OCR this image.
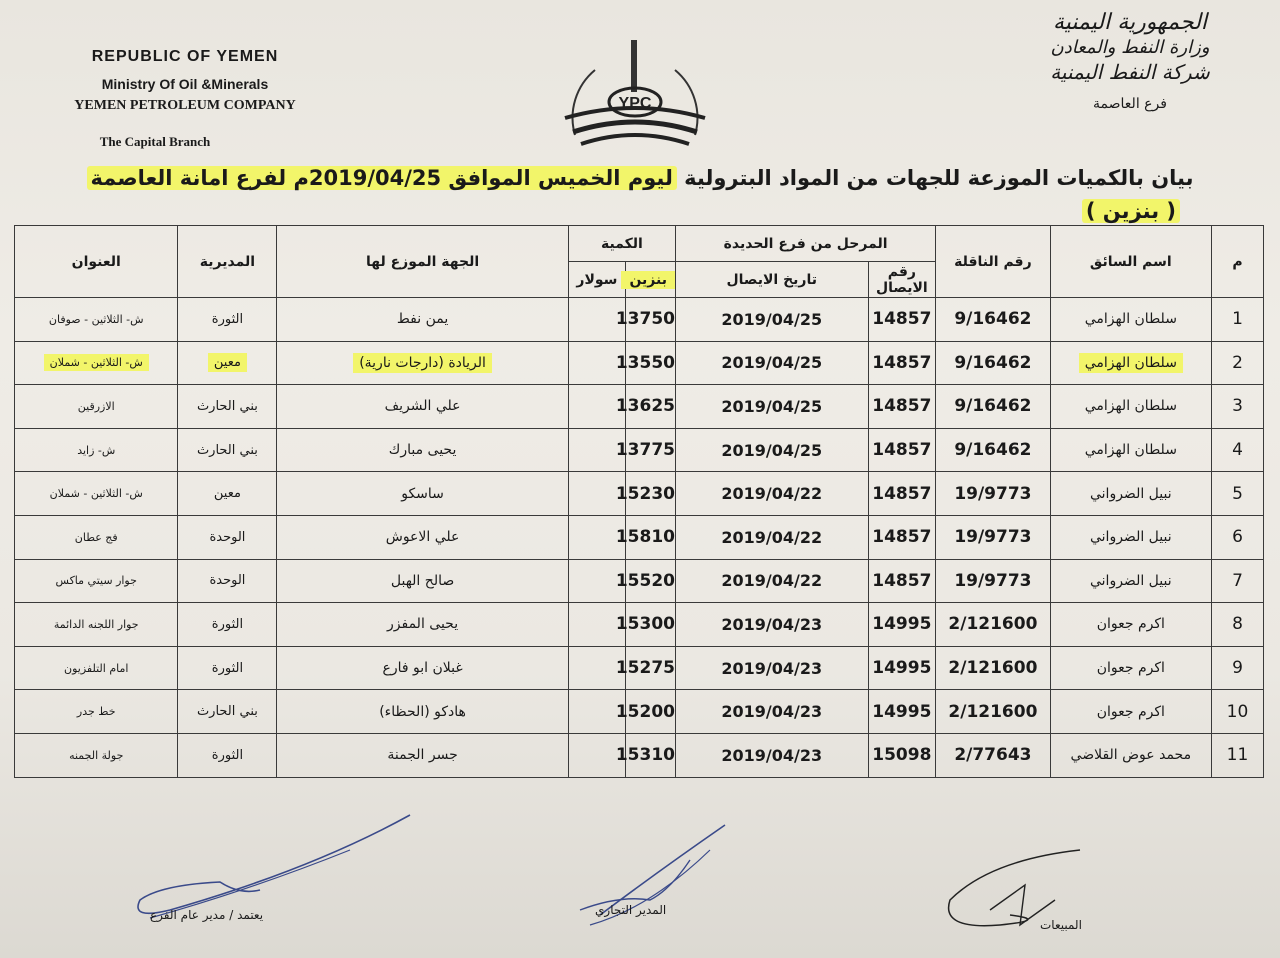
REPUBLIC OF YEMEN
Ministry Of Oil &Minerals
YEMEN PETROLEUM COMPANY
The Capital Branch
YPC
الجمهورية اليمنية
وزارة النفط والمعادن
شركة النفط اليمنية
فرع العاصمة
بيان بالكميات الموزعة للجهات من المواد البترولية ليوم الخميس الموافق 2019/04/25م لفرع امانة العاصمة
( بنزين )
م	اسم السائق	رقم الناقلة	المرحل من فرع الحديدة		الكمية		الجهة الموزع لها	المديرية	العنوان
			رقم الايصال	تاريخ الايصال	بنزين	سولار			
1	سلطان الهزامي	9/16462	14857	2019/04/25	13750		يمن نفط	الثورة	ش- الثلاثين - صوفان
2	سلطان الهزامي	9/16462	14857	2019/04/25	13550		الريادة (دارجات نارية)	معين	ش- الثلاثين - شملان
3	سلطان الهزامي	9/16462	14857	2019/04/25	13625		علي الشريف	بني الحارث	الازرقين
4	سلطان الهزامي	9/16462	14857	2019/04/25	13775		يحيى مبارك	بني الحارث	ش- زايد
5	نبيل الضرواني	19/9773	14857	2019/04/22	15230		ساسكو	معين	ش- الثلاثين - شملان
6	نبيل الضرواني	19/9773	14857	2019/04/22	15810		علي الاعوش	الوحدة	فج عطان
7	نبيل الضرواني	19/9773	14857	2019/04/22	15520		صالح الهبل	الوحدة	جوار سيتي ماكس
8	اكرم جعوان	2/121600	14995	2019/04/23	15300		يحيى المفزر	الثورة	جوار اللجنه الدائمة
9	اكرم جعوان	2/121600	14995	2019/04/23	15275		غبلان ابو فارع	الثورة	امام التلفزيون
10	اكرم جعوان	2/121600	14995	2019/04/23	15200		هادكو (الحظاء)	بني الحارث	خط جدر
11	محمد عوض القلاضي	2/77643	15098	2019/04/23	15310		جسر الجمنة	الثورة	جولة الجمنه
المبيعات
المدير التجاري
يعتمد / مدير عام الفرع
